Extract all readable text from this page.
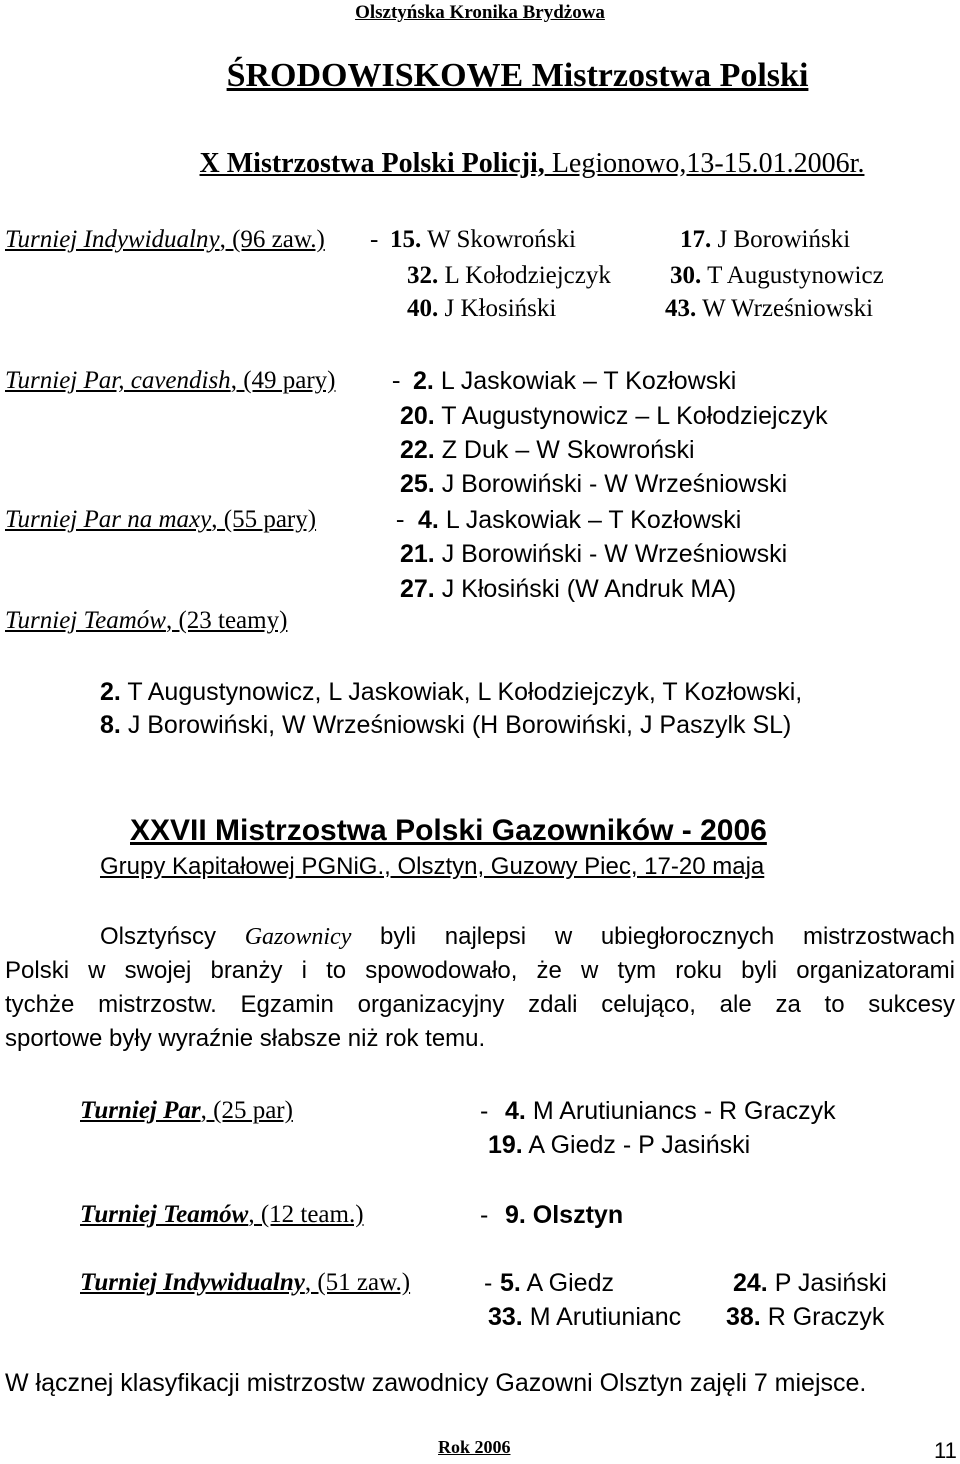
Olsztyńska Kronika Brydżowa
ŚRODOWISKOWE Mistrzostwa Polski
X Mistrzostwa Polski Policji, Legionowo,13-15.01.2006r.
Turniej Indywidualny, (96 zaw.) - 15. W Skowroński	17. J Borowiński
32. L Kołodziejczyk 30. T Augustynowicz
40. J Kłosiński	43. W Wrześniowski
Turniej Par, cavendish, (49 pary) - 2. L Jaskowiak – T Kozłowski
20. T Augustynowicz – L Kołodziejczyk
22. Z Duk – W Skowroński
25. J Borowiński - W Wrześniowski
Turniej Par na maxy, (55 pary)	- 4. L Jaskowiak – T Kozłowski
21. J Borowiński - W Wrześniowski
27. J Kłosiński (W Andruk MA)
Turniej Teamów, (23 teamy)
2. T Augustynowicz, L Jaskowiak, L Kołodziejczyk, T Kozłowski,
8. J Borowiński, W Wrześniowski (H Borowiński, J Paszylk SL)
XXVII Mistrzostwa Polski Gazowników - 2006
Grupy Kapitałowej PGNiG., Olsztyn, Guzowy Piec, 17-20 maja
Olsztyńscy Gazownicy byli najlepsi w ubiegłorocznych mistrzostwach
Polski w swojej branży i to spowodowało, że w tym roku byli organizatorami
tychże mistrzostw. Egzamin organizacyjny zdali celująco, ale za to sukcesy
sportowe były wyraźnie słabsze niż rok temu.
Turniej Par, (25 par)	- 4. M Arutiuniancs - R Graczyk
19. A Giedz - P Jasiński
Turniej Teamów, (12 team.)	- 9. Olsztyn
Turniej Indywidualny, (51 zaw.)	- 5. A Giedz	24. P Jasiński
33. M Arutiunianc 38. R Graczyk
W łącznej klasyfikacji mistrzostw zawodnicy Gazowni Olsztyn zajęli 7 miejsce.
Rok 2006	11
